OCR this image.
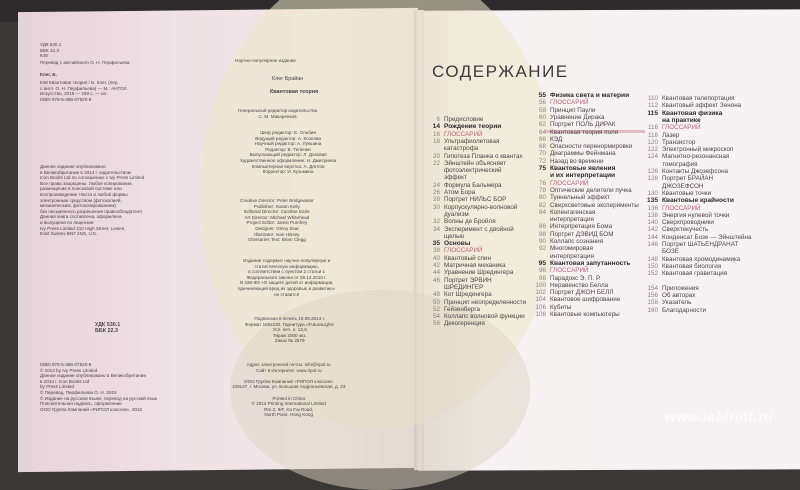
УДК 530.1
ББК 22.3
К48
Перевод с английского О. Н. Перфильева
Клег, Б.
К48 Квантовая теория / Б. Клег. (пер.
с англ. О. Н. Перфильева) — М.: АНТОЛ
Искусство, 2015 — 160 с. — ил.
ISBN 978-5-386-07920-8
Данное издание опубликовано
в Великобритании в 2014 г. издательством
Icon Books Ltd по соглашению с Ivy Press Limited
Все права защищены. Любое копирование,
размещение в поисковой системе или
воспроизведение текста и любой формы
электронным средством (фотокопией,
механическим, фотокопированием)
без письменного разрешения правообладателя
Данная книга составлена, оформлена
и выпущена по лицензии
Ivy Press Limited 210 High Street, Lewes,
East Sussex BN7 2NS, U.K.
УДК 530.1
ББК 22.3
ISBN 978-5-386-07920-8
© 2014 by Ivy Press Limited
Данное издание опубликовано в Великобритании
в 2014 г. Icon Books Ltd
by Press Limited
© Перевод, Перфильева О. Н. 2015
© Издание на русском языке, перевод на русский язык
Пояснительная надпись, оформление
ООО Группа Компаний «РИПОЛ классик», 2015
Научно-популярное издание
Клег Брайан
Квантовая теория
Генеральный редактор издательства
С. М. Макаренков
Шеф редактор: Е. Ольбин
Ведущий редактор: А. Козлова
Научный редактор: А. Лукшина
Редактор: В. Теленин
Выпускающий редактор: Л. Доковая
Художественное оформление: Н. Дмитриева
Компьютерная верстка: А. Дятлов
Корректор: И. Кузьмина
Creative Director: Peter Bridgewater
Publisher: Susan Kelly
Editorial Director: Caroline Earle
Art Director: Michael Whitehead
Project Editor: Jamie Pumfrey
Designer: Ginny Zeal
Illustrator: Ivan Hissey
Glossaries Text: Brian Clegg
Издание содержит научно-популярную и
статистическую информацию,
в соответствии с пунктом 2 статьи 1
Федерального закона от 29.12.2010 г.
N 436-ФЗ «О защите детей от информации,
причиняющей вред их здоровью и развитию»
не ставится
Подписано в печать 10.09.2014 г.
Формат 180x230. Гарнитура «FuturaLight»
Усл. печ. л. 12,9
Тираж 2000 экз.
Заказ № 2579
Адрес электронной почты: info@ripol.ru
Сайт в Интернете: www.ripol.ru

ООО Группа Компаний «РИПОЛ классик»
109147, г. Москва, ул. Большая Андроньевская, д. 23

Printed in China
© 2014 Printing International Limited
Rm.2, 9/F, Ko Fai Road,
North Point, Hong Kong
СОДЕРЖАНИЕ
6 Предисловие
14 Рождение теории
16 ГЛОССАРИЙ
18 Ультрафиолетовая
катастрофа
20 Гипотеза Планка о квантах
22 Эйнштейн объясняет
фотоэлектрический
эффект
24 Формула Бальмера
26 Атом Бора
28 Портрет НИЛЬС БОР
30 Корпускулярно-волновой
дуализм
32 Волны де Бройля
34 Эксперимент с двойной
щелью
35 Основы
38 ГЛОССАРИЙ
40 Квантовый спин
42 Матричная механика
44 Уравнение Шредингера
46 Портрет ЭРВИН
ШРЕДИНГЕР
48 Кот Шредингера
50 Принцип неопределенности
52 Гейзенберга
54 Коллапс волновой функции
56 Декогеренция
55 Физика света и материи
56 ГЛОССАРИЙ
58 Принцип Паули
60 Уравнение Дирака
62 Портрет ПОЛЬ ДИРАК
64 Квантовая теория поля
66 КЭД
68 Опасности перенормировки
70 Диаграммы Фейнмана
72 Назад во времени
75 Квантовые явления
и их интерпретации
76 ГЛОССАРИЙ
78 Оптические делители пучка
80 Туннельный эффект
82 Сверхсветовые эксперименты
84 Копенгагенская
интерпретация
86 Интерпретация Бома
88 Портрет ДЭВИД БОМ
90 Коллапс сознания
92 Многомировая
интерпретация
95 Квантовая запутанность
96 ГЛОССАРИЙ
98 Парадокс Э. П. Р.
100 Неравенство Белла
102 Портрет ДЖОН БЕЛЛ
104 Квантовое шифрование
106 Кубиты
108 Квантовые компьютеры
110 Квантовая телепортация
112 Квантовый эффект Зенона
115 Квантовая физика
на практике
116 ГЛОССАРИЙ
118 Лазер
120 Транзистор
122 Электронный микроскоп
124 Магнитно-резонансная
томография
126 Контакты Джозефсона
128 Портрет БРАЙАН
ДЖОЗЕФСОН
130 Квантовые точки
135 Квантовые крайности
136 ГЛОССАРИЙ
138 Энергия нулевой точки
140 Сверхпроводники
142 Сверхтекучесть
144 Конденсат Бозе — Эйнштейна
146 Портрет ШАТЬЕНДРАНАТ
БОЗЕ
148 Квантовая хромодинамика
150 Квантовая биология
152 Квантовая гравитация
154 Приложения
156 Об авторах
158 Указатель
160 Благодарности
www.labirint.ru
